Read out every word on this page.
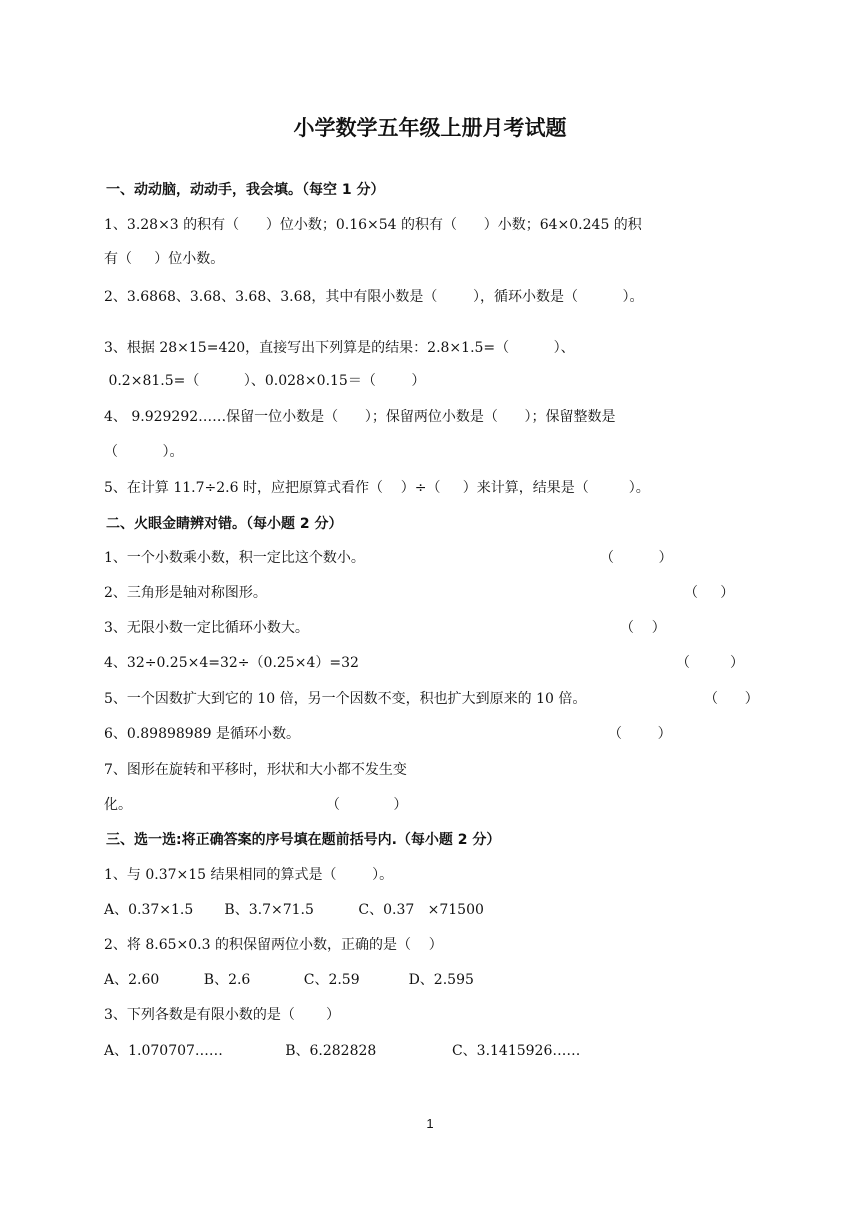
小学数学五年级上册月考试题
一、动动脑，动动手，我会填。（每空 1 分）
1、3.28×3 的积有（      ）位小数；0.16×54 的积有（      ）小数；64×0.245 的积
有（     ）位小数。
2、3.6868、3.68、3.68、3.68，其中有限小数是（        ），循环小数是（          ）。
3、根据 28×15=420，直接写出下列算是的结果：2.8×1.5=（          ）、
0.2×81.5=（          ）、0.028×0.15＝（        ）
4、 9.929292……保留一位小数是（      ）；保留两位小数是（      ）；保留整数是
（          ）。
5、在计算 11.7÷2.6 时，应把原算式看作（    ）÷（     ）来计算，结果是（         ）。
二、火眼金睛辨对错。（每小题 2 分）
1、一个小数乘小数，积一定比这个数小。	（          ）
2、三角形是轴对称图形。	（     ）
3、无限小数一定比循环小数大。	（    ）
4、32÷0.25×4=32÷（0.25×4）=32	（         ）
5、一个因数扩大到它的 10 倍，另一个因数不变，积也扩大到原来的 10 倍。	（      ）
6、0.89898989 是循环小数。	（        ）
7、图形在旋转和平移时，形状和大小都不发生变
化。	（            ）
三、选一选:将正确答案的序号填在题前括号内.（每小题 2 分）
1、与 0.37×15 结果相同的算式是（        ）。
A、0.37×1.5       B、3.7×71.5          C、0.37   ×71500
2、将 8.65×0.3 的积保留两位小数，正确的是（    ）
A、2.60          B、2.6            C、2.59           D、2.595
3、下列各数是有限小数的是（       ）
A、1.070707……              B、6.282828                 C、3.1415926……
1
